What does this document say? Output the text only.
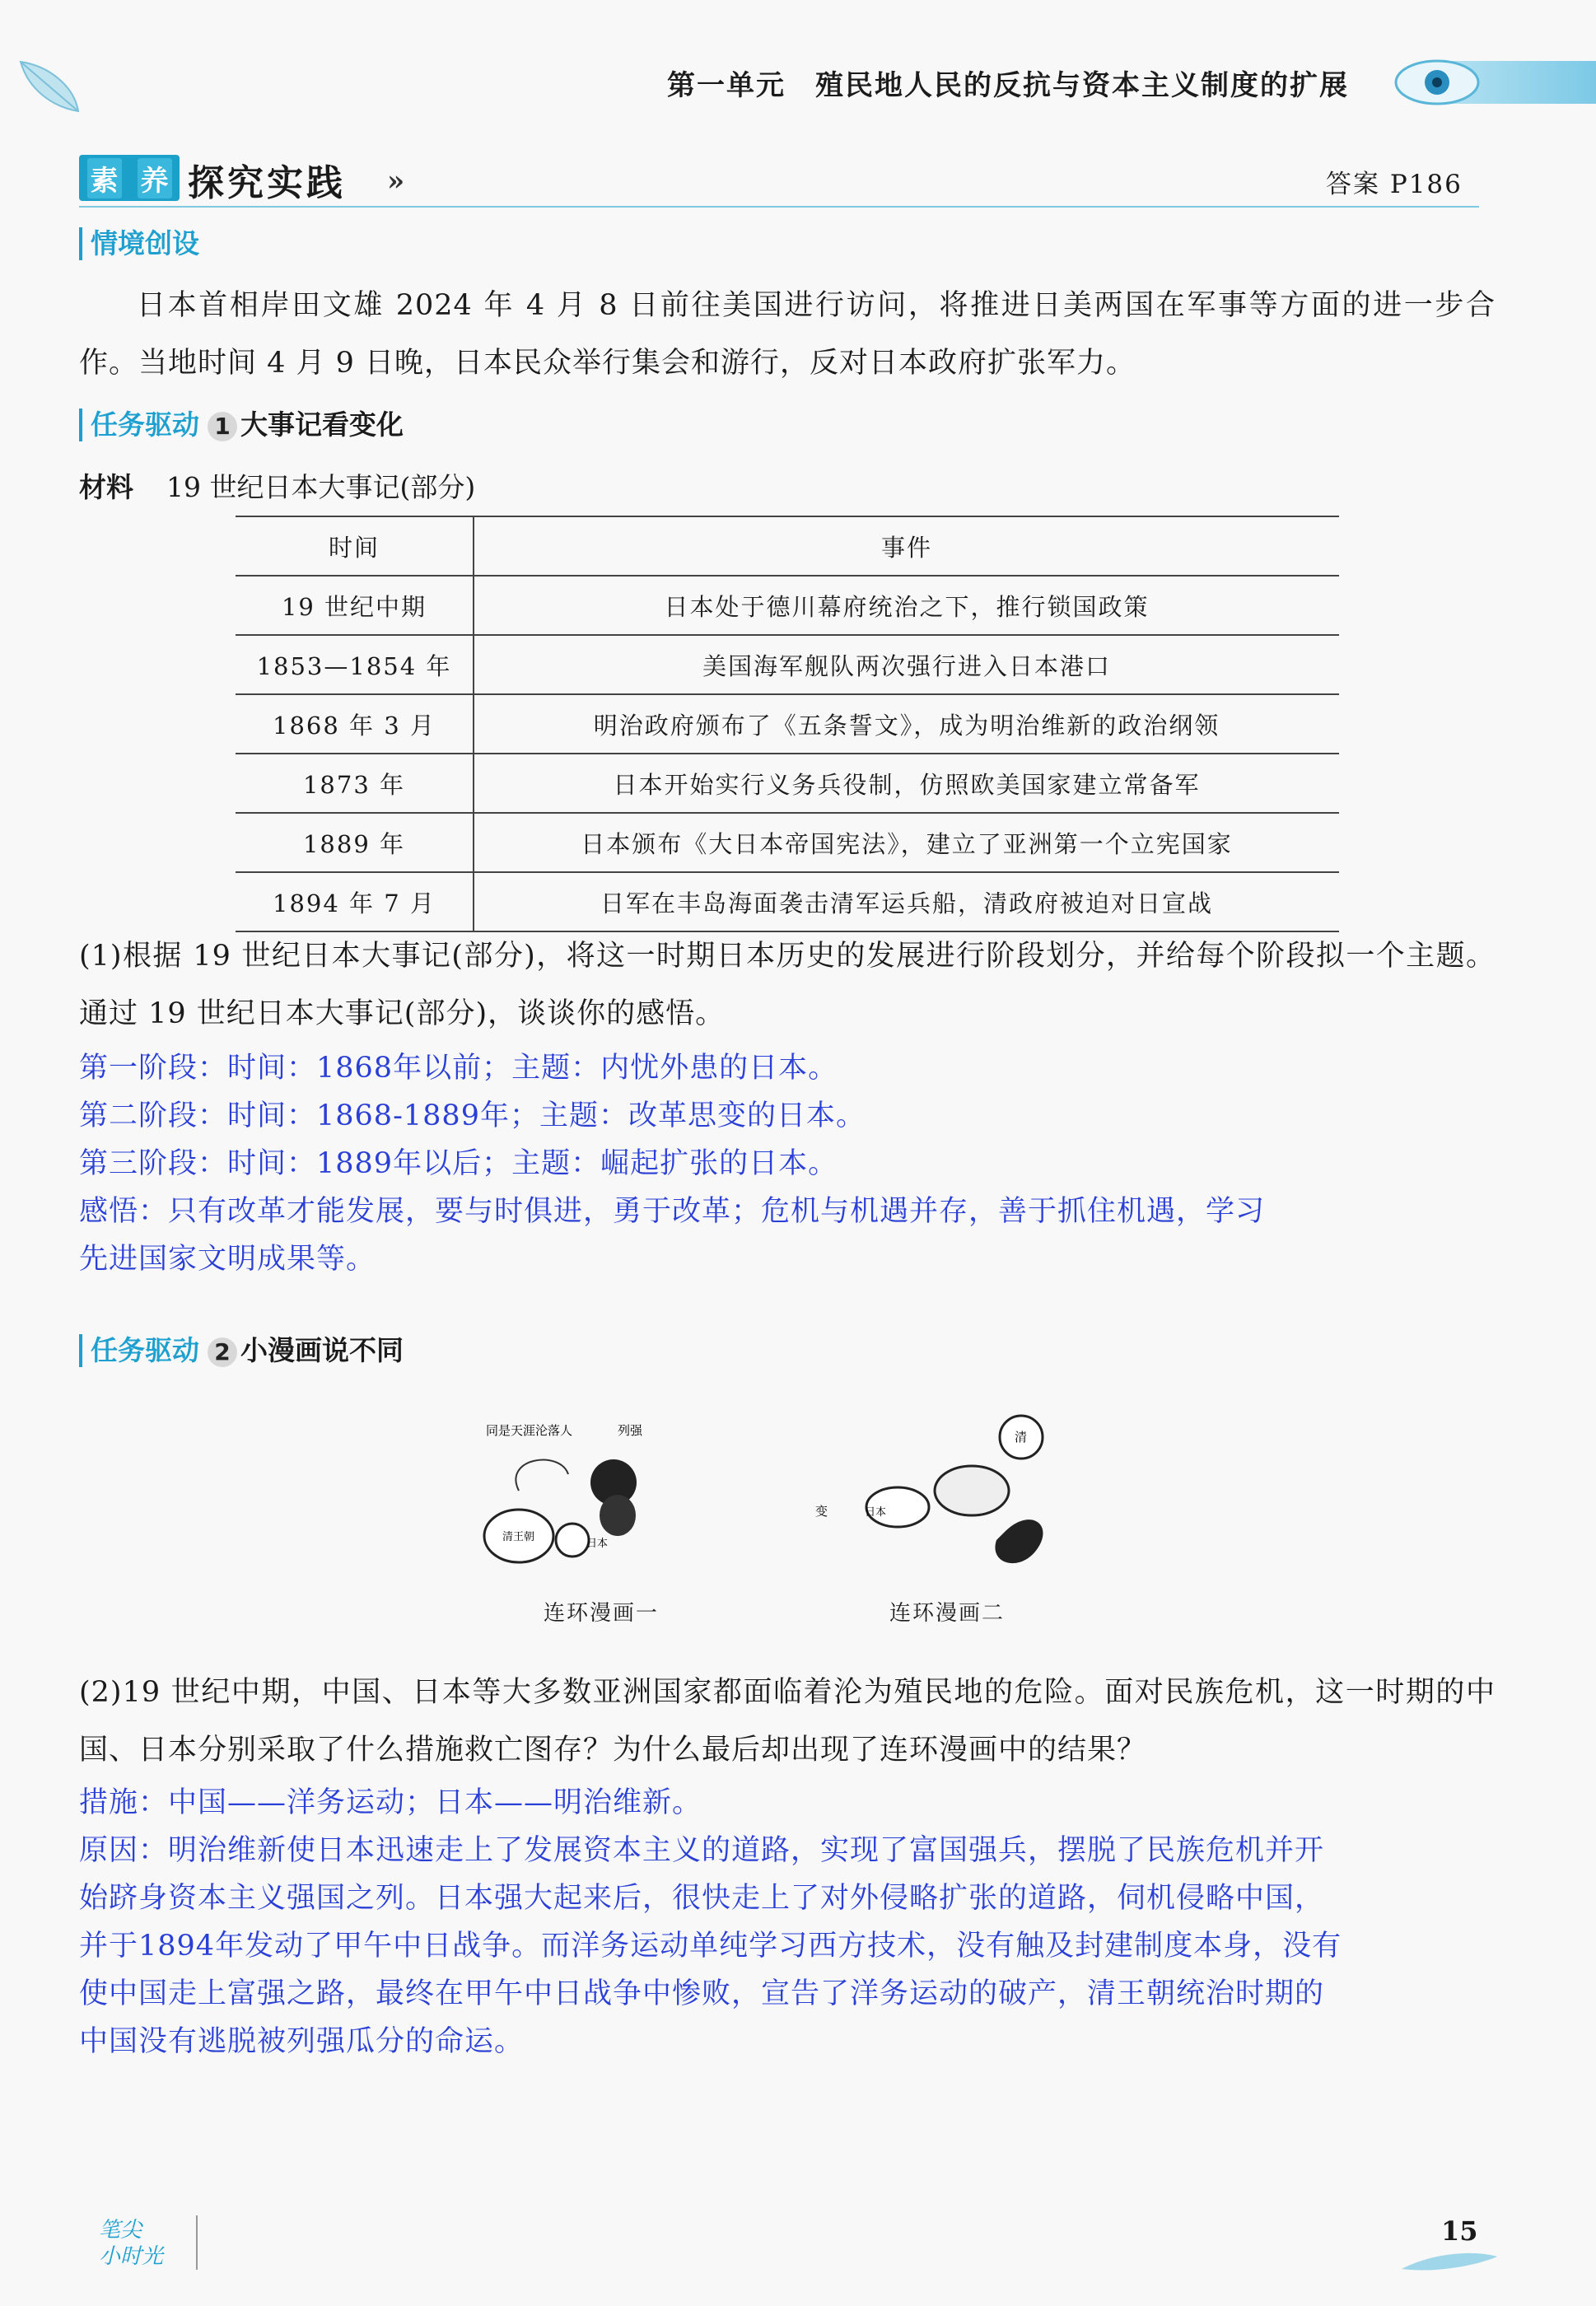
第一单元　殖民地人民的反抗与资本主义制度的扩展
素 养 探究实践 »	答案 P186
情境创设
日本首相岸田文雄 2024 年 4 月 8 日前往美国进行访问，将推进日美两国在军事等方面的进一步合作。当地时间 4 月 9 日晚，日本民众举行集会和游行，反对日本政府扩张军力。
任务驱动 1 大事记看变化
材料 19 世纪日本大事记(部分)
时间	事件
19 世纪中期	日本处于德川幕府统治之下，推行锁国政策
1853—1854 年	美国海军舰队两次强行进入日本港口
1868 年 3 月	明治政府颁布了《五条誓文》，成为明治维新的政治纲领
1873 年	日本开始实行义务兵役制，仿照欧美国家建立常备军
1889 年	日本颁布《大日本帝国宪法》，建立了亚洲第一个立宪国家
1894 年 7 月	日军在丰岛海面袭击清军运兵船，清政府被迫对日宣战
(1)根据 19 世纪日本大事记(部分)，将这一时期日本历史的发展进行阶段划分，并给每个阶段拟一个主题。通过 19 世纪日本大事记(部分)，谈谈你的感悟。
第一阶段：时间：1868年以前；主题：内忧外患的日本。
第二阶段：时间：1868-1889年；主题：改革思变的日本。
第三阶段：时间：1889年以后；主题：崛起扩张的日本。
感悟：只有改革才能发展，要与时俱进，勇于改革；危机与机遇并存，善于抓住机遇，学习
先进国家文明成果等。
任务驱动 2 小漫画说不同
同是天涯沦落人	列强
清王朝
日本
连环漫画一
清
变	日本
连环漫画二
(2)19 世纪中期，中国、日本等大多数亚洲国家都面临着沦为殖民地的危险。面对民族危机，这一时期的中国、日本分别采取了什么措施救亡图存？为什么最后却出现了连环漫画中的结果？
措施：中国——洋务运动；日本——明治维新。
原因：明治维新使日本迅速走上了发展资本主义的道路，实现了富国强兵，摆脱了民族危机并开
始跻身资本主义强国之列。日本强大起来后，很快走上了对外侵略扩张的道路，伺机侵略中国，
并于1894年发动了甲午中日战争。而洋务运动单纯学习西方技术，没有触及封建制度本身，没有
使中国走上富强之路，最终在甲午中日战争中惨败，宣告了洋务运动的破产，清王朝统治时期的
中国没有逃脱被列强瓜分的命运。
笔尖
小时光
15
